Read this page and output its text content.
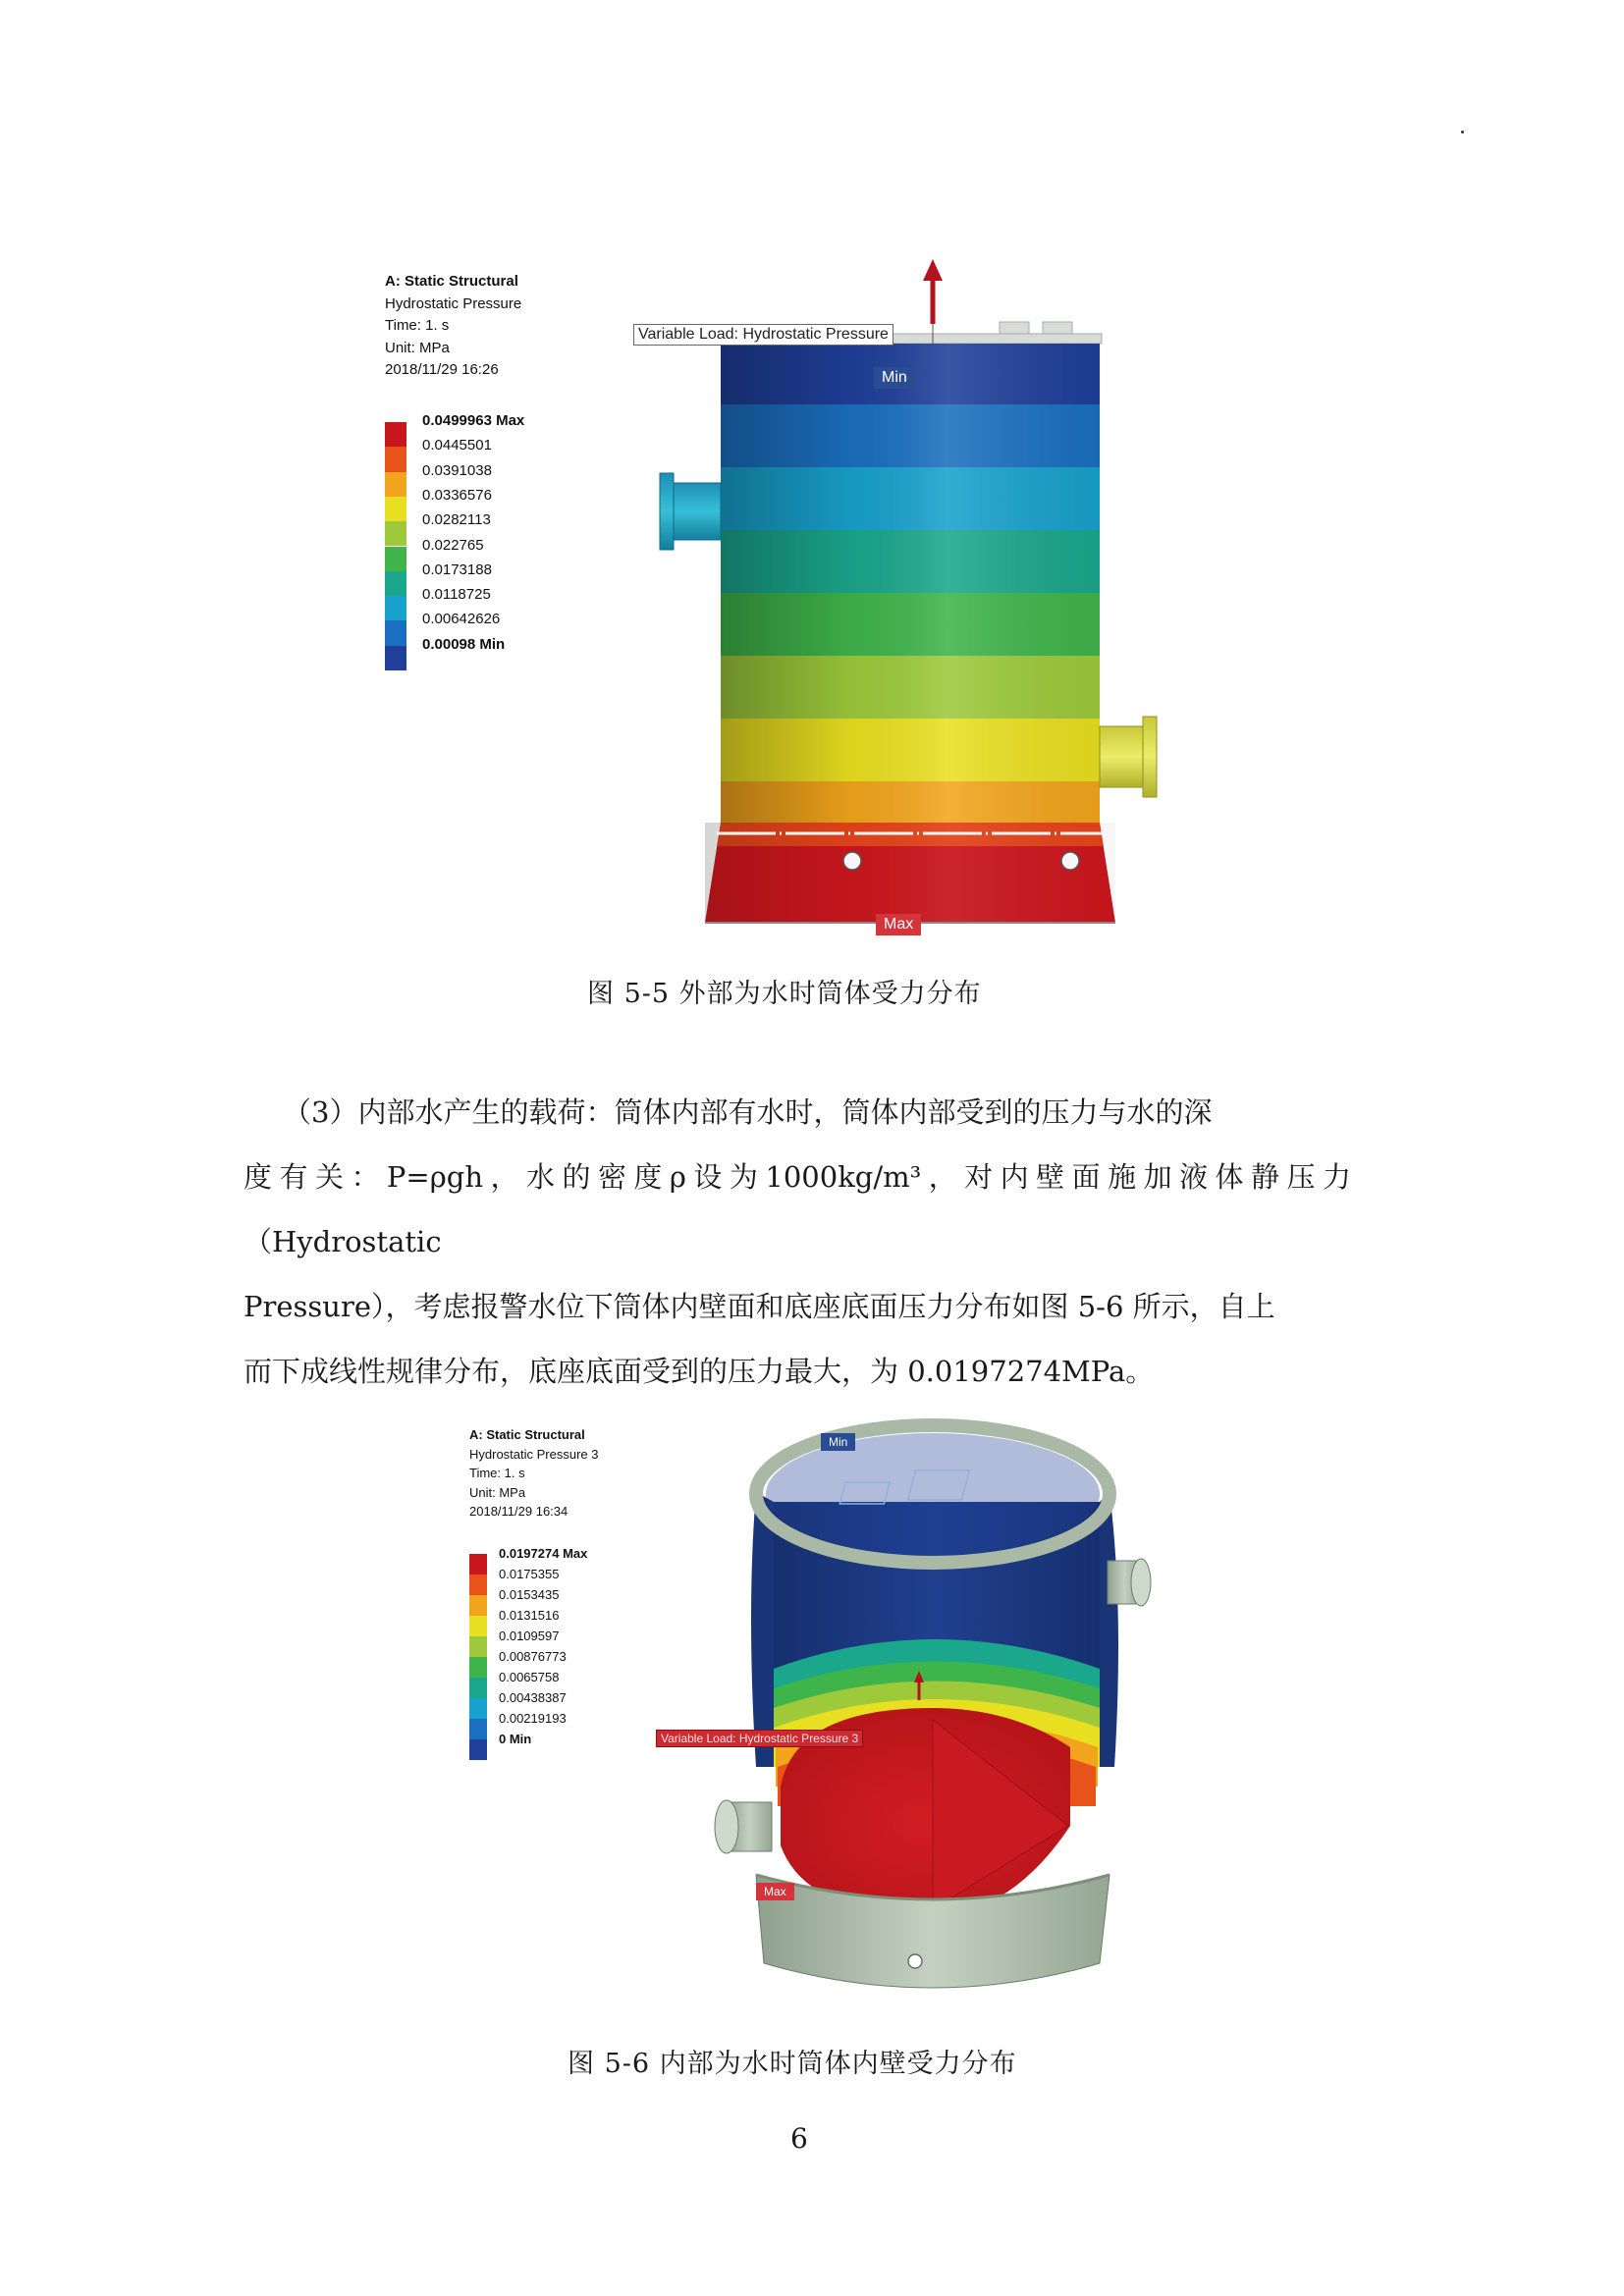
A: Static Structural
Hydrostatic Pressure
Time: 1. s
Unit: MPa
2018/11/29 16:26
0.0499963 Max
0.0445501
0.0391038
0.0336576
0.0282113
0.022765
0.0173188
0.0118725
0.00642626
0.00098 Min
Variable Load: Hydrostatic Pressure
Min
Max
图 5-5 外部为水时筒体受力分布

（3）内部水产生的载荷：筒体内部有水时，筒体内部受到的压力与水的深

度有关：P=ρgh，水的密度ρ设为1000kg/m³，对内壁面施加液体静压力（Hydrostatic

Pressure），考虑报警水位下筒体内壁面和底座底面压力分布如图 5-6 所示，自上

而下成线性规律分布，底座底面受到的压力最大，为 0.0197274MPa。

A: Static Structural
Hydrostatic Pressure 3
Time: 1. s
Unit: MPa
2018/11/29 16:34
0.0197274 Max
0.0175355
0.0153435
0.0131516
0.0109597
0.00876773
0.0065758
0.00438387
0.00219193
0 Min	Variable Load: Hydrostatic Pressure 3
Min
Max
图 5-6 内部为水时筒体内壁受力分布
6
